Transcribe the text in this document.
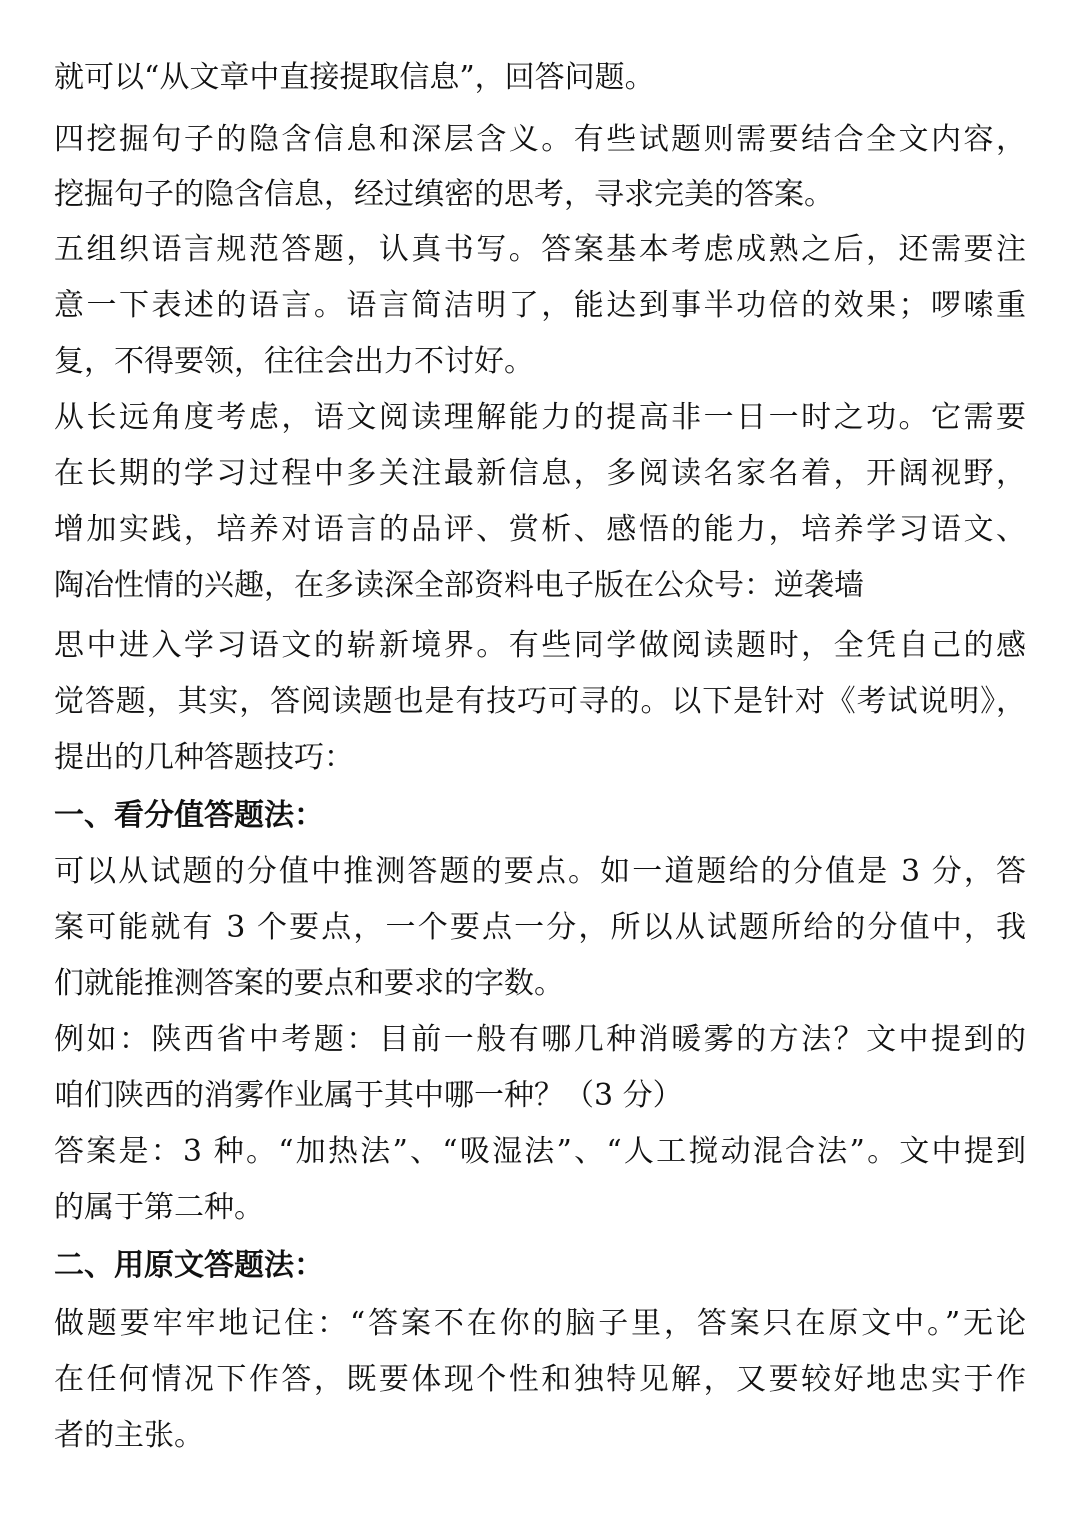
就可以“从文章中直接提取信息”，回答问题。
四挖掘句子的隐含信息和深层含义。有些试题则需要结合全文内容，
挖掘句子的隐含信息，经过缜密的思考，寻求完美的答案。
五组织语言规范答题，认真书写。答案基本考虑成熟之后，还需要注
意一下表述的语言。语言简洁明了，能达到事半功倍的效果；啰嗦重
复，不得要领，往往会出力不讨好。
从长远角度考虑，语文阅读理解能力的提高非一日一时之功。它需要
在长期的学习过程中多关注最新信息，多阅读名家名着，开阔视野，
增加实践，培养对语言的品评、赏析、感悟的能力，培养学习语文、
陶冶性情的兴趣，在多读深全部资料电子版在公众号：逆袭墙
思中进入学习语文的崭新境界。有些同学做阅读题时，全凭自己的感
觉答题，其实，答阅读题也是有技巧可寻的。以下是针对《考试说明》，
提出的几种答题技巧：
一、看分值答题法：
可以从试题的分值中推测答题的要点。如一道题给的分值是 3 分，答
案可能就有 3 个要点，一个要点一分，所以从试题所给的分值中，我
们就能推测答案的要点和要求的字数。
例如：陕西省中考题：目前一般有哪几种消暖雾的方法？文中提到的
咱们陕西的消雾作业属于其中哪一种？（3 分）
答案是：3 种。“加热法”、“吸湿法”、“人工搅动混合法”。文中提到
的属于第二种。
二、用原文答题法：
做题要牢牢地记住：“答案不在你的脑子里，答案只在原文中。”无论
在任何情况下作答，既要体现个性和独特见解，又要较好地忠实于作
者的主张。
